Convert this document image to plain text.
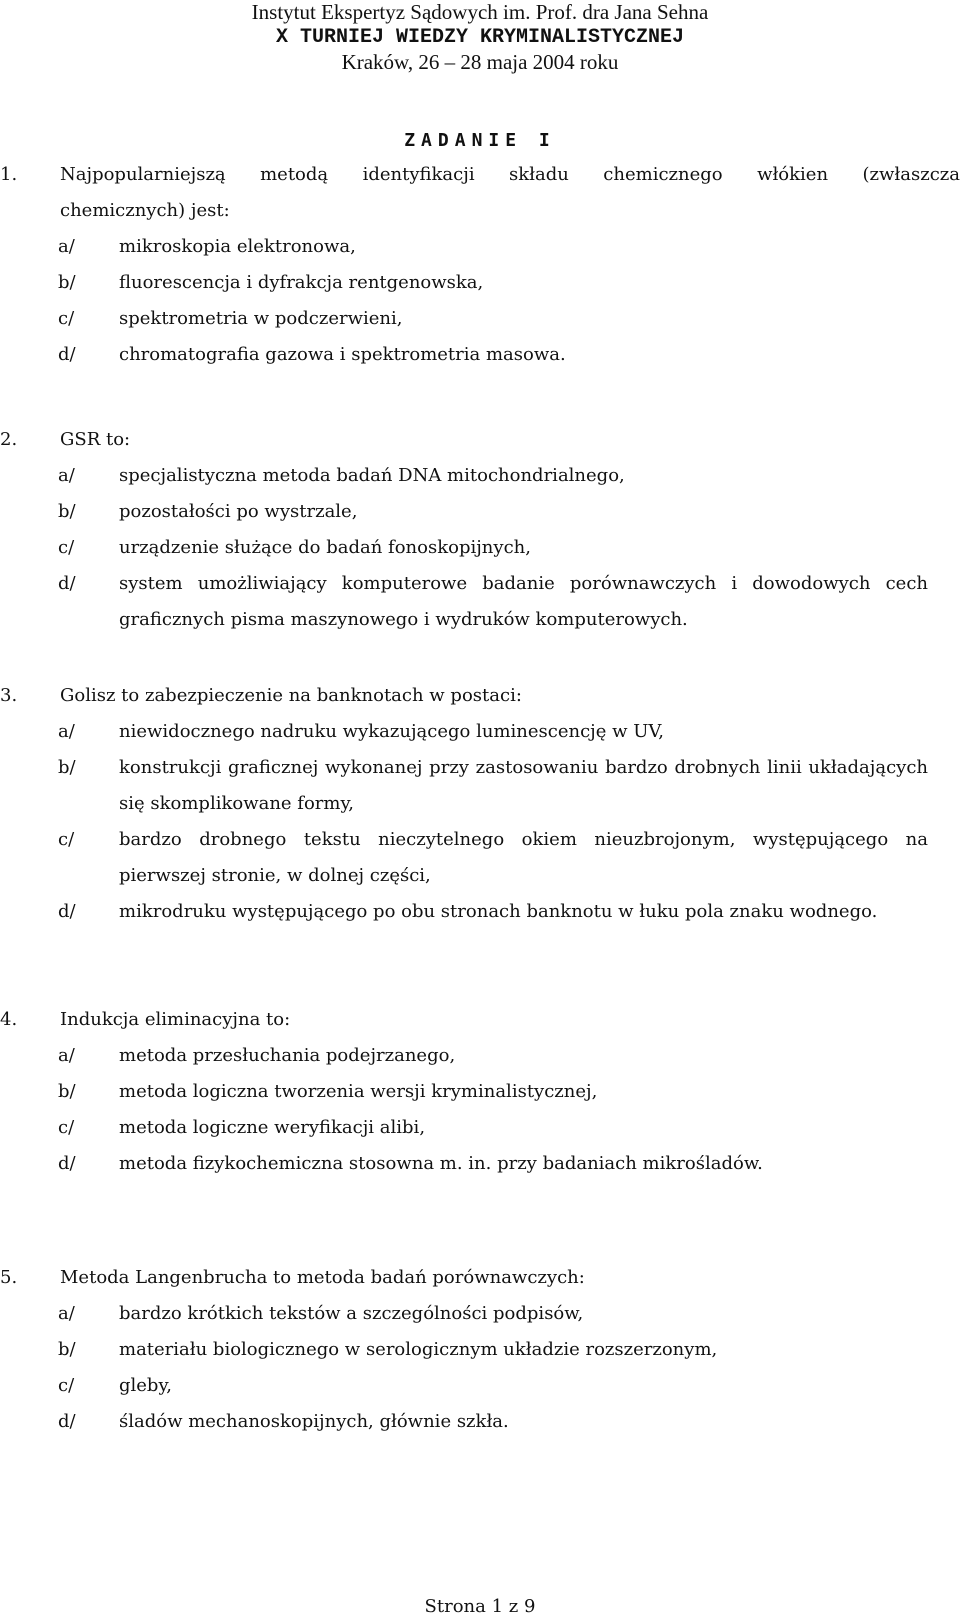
Instytut Ekspertyz Sądowych im. Prof. dra Jana Sehna
X TURNIEJ WIEDZY KRYMINALISTYCZNEJ
Kraków, 26 – 28 maja 2004 roku
ZADANIE I
1. Najpopularniejszą metodą identyfikacji składu chemicznego włókien (zwłaszcza
chemicznych) jest:
a/ mikroskopia elektronowa,
b/ fluorescencja i dyfrakcja rentgenowska,
c/ spektrometria w podczerwieni,
d/ chromatografia gazowa i spektrometria masowa.
2. GSR to:
a/ specjalistyczna metoda badań DNA mitochondrialnego,
b/ pozostałości po wystrzale,
c/ urządzenie służące do badań fonoskopijnych,
d/ system umożliwiający komputerowe badanie porównawczych i dowodowych cech graficznych pisma maszynowego i wydruków komputerowych.
3. Golisz to zabezpieczenie na banknotach w postaci:
a/ niewidocznego nadruku wykazującego luminescencję w UV,
b/ konstrukcji graficznej wykonanej przy zastosowaniu bardzo drobnych linii układających się skomplikowane formy,
c/ bardzo drobnego tekstu nieczytelnego okiem nieuzbrojonym, występującego na pierwszej stronie, w dolnej części,
d/ mikrodruku występującego po obu stronach banknotu w łuku pola znaku wodnego.
4. Indukcja eliminacyjna to:
a/ metoda przesłuchania podejrzanego,
b/ metoda logiczna tworzenia wersji kryminalistycznej,
c/ metoda logiczne weryfikacji alibi,
d/ metoda fizykochemiczna stosowna m. in. przy badaniach mikrośladów.
5. Metoda Langenbrucha to metoda badań porównawczych:
a/ bardzo krótkich tekstów a szczególności podpisów,
b/ materiału biologicznego w serologicznym układzie rozszerzonym,
c/ gleby,
d/ śladów mechanoskopijnych, głównie szkła.
Strona 1 z 9
